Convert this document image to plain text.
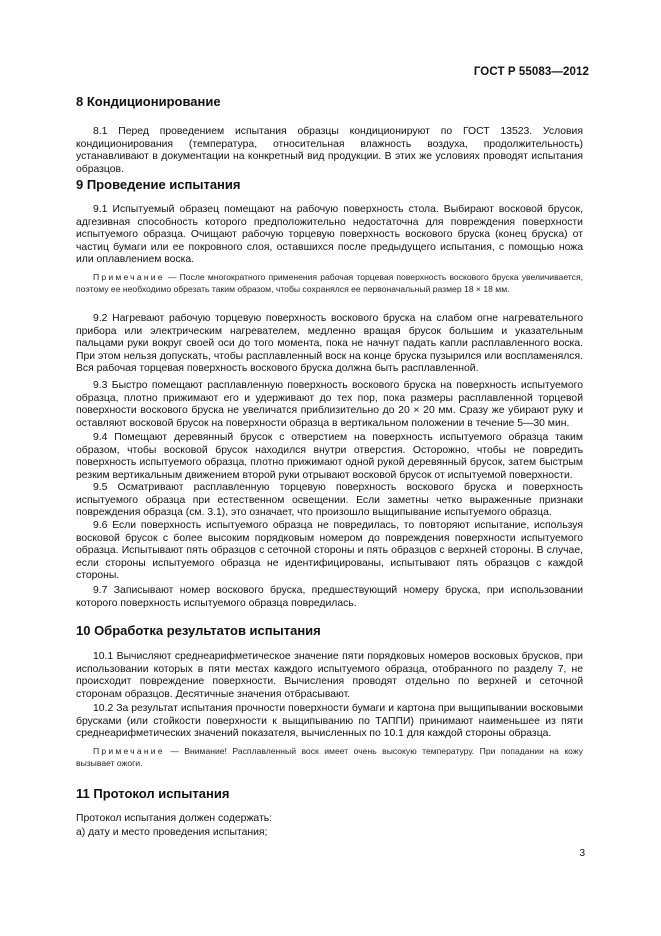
ГОСТ Р 55083—2012
8 Кондиционирование

8.1 Перед проведением испытания образцы кондиционируют по ГОСТ 13523. Условия кондиционирования (температура, относительная влажность воздуха, продолжительность) устанавливают в документации на конкретный вид продукции. В этих же условиях проводят испытания образцов.

9 Проведение испытания

9.1 Испытуемый образец помещают на рабочую поверхность стола. Выбирают восковой брусок, адгезивная способность которого предположительно недостаточна для повреждения поверхности испытуемого образца. Очищают рабочую торцевую поверхность воскового бруска (конец бруска) от частиц бумаги или ее покровного слоя, оставшихся после предыдущего испытания, с помощью ножа или оплавлением воска.

Примечание — После многократного применения рабочая торцевая поверхность воскового бруска увеличивается, поэтому ее необходимо обрезать таким образом, чтобы сохранялся ее первоначальный размер 18 × 18 мм.

9.2 Нагревают рабочую торцевую поверхность воскового бруска на слабом огне нагревательного прибора или электрическим нагревателем, медленно вращая брусок большим и указательным пальцами руки вокруг своей оси до того момента, пока не начнут падать капли расплавленного воска. При этом нельзя допускать, чтобы расплавленный воск на конце бруска пузырился или воспламенялся. Вся рабочая торцевая поверхность воскового бруска должна быть расплавленной.

9.3 Быстро помещают расплавленную поверхность воскового бруска на поверхность испытуемого образца, плотно прижимают его и удерживают до тех пор, пока размеры расплавленной торцевой поверхности воскового бруска не увеличатся приблизительно до 20 × 20 мм. Сразу же убирают руку и оставляют восковой брусок на поверхности образца в вертикальном положении в течение 5—30 мин.

9.4 Помещают деревянный брусок с отверстием на поверхность испытуемого образца таким образом, чтобы восковой брусок находился внутри отверстия. Осторожно, чтобы не повредить поверхность испытуемого образца, плотно прижимают одной рукой деревянный брусок, затем быстрым резким вертикальным движением второй руки отрывают восковой брусок от испытуемой поверхности.

9.5 Осматривают расплавленную торцевую поверхность воскового бруска и поверхность испытуемого образца при естественном освещении. Если заметны четко выраженные признаки повреждения образца (см. 3.1), это означает, что произошло выщипывание испытуемого образца.

9.6 Если поверхность испытуемого образца не повредилась, то повторяют испытание, используя восковой брусок с более высоким порядковым номером до повреждения поверхности испытуемого образца. Испытывают пять образцов с сеточной стороны и пять образцов с верхней стороны. В случае, если стороны испытуемого образца не идентифицированы, испытывают пять образцов с каждой стороны.

9.7 Записывают номер воскового бруска, предшествующий номеру бруска, при использовании которого поверхность испытуемого образца повредилась.

10 Обработка результатов испытания

10.1 Вычисляют среднеарифметическое значение пяти порядковых номеров восковых брусков, при использовании которых в пяти местах каждого испытуемого образца, отобранного по разделу 7, не происходит повреждение поверхности. Вычисления проводят отдельно по верхней и сеточной сторонам образцов. Десятичные значения отбрасывают.

10.2 За результат испытания прочности поверхности бумаги и картона при выщипывании восковыми брусками (или стойкости поверхности к выщипыванию по ТАППИ) принимают наименьшее из пяти среднеарифметических значений показателя, вычисленных по 10.1 для каждой стороны образца.

Примечание — Внимание! Расплавленный воск имеет очень высокую температуру. При попадании на кожу вызывает ожоги.

11 Протокол испытания

Протокол испытания должен содержать:

а) дату и место проведения испытания;

3
